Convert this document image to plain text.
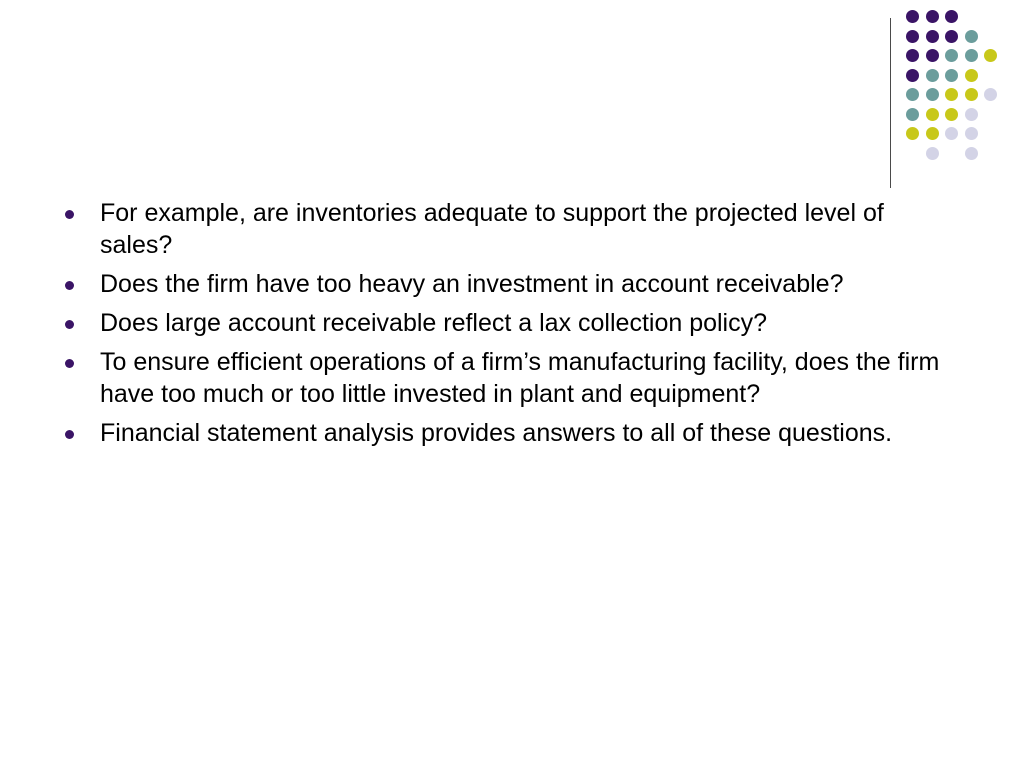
For example, are inventories adequate to support the projected level of sales?
Does the firm have too heavy an investment in account receivable?
Does large account receivable reflect a lax collection policy?
To ensure efficient operations of a firm’s manufacturing facility, does the firm have too much or too little invested in plant and equipment?
Financial statement analysis provides answers to all of these questions.
